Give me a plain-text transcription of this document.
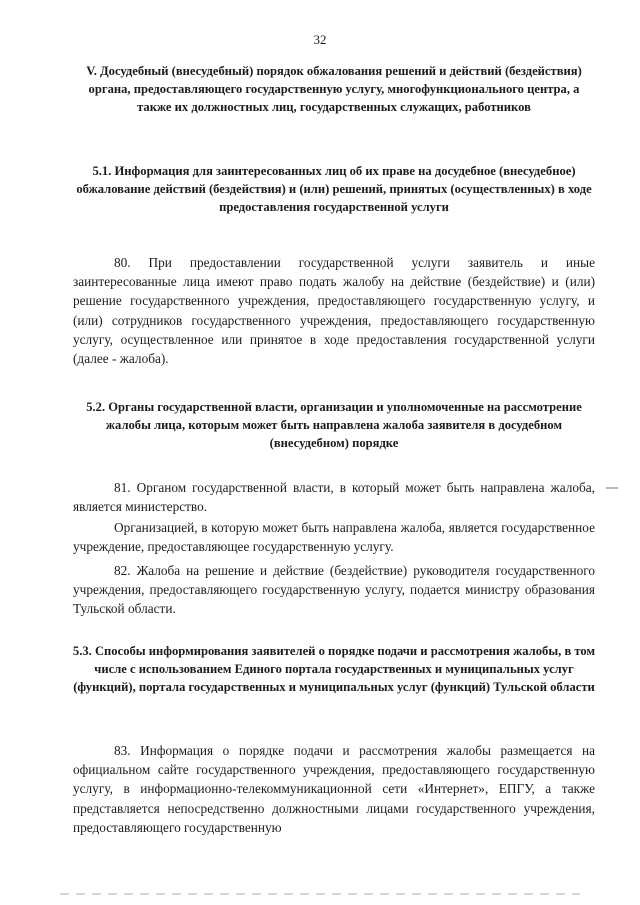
32
V. Досудебный (внесудебный) порядок обжалования решений и действий (бездействия) органа, предоставляющего государственную услугу, многофункционального центра, а также их должностных лиц, государственных служащих, работников
5.1. Информация для заинтересованных лиц об их праве на досудебное (внесудебное) обжалование действий (бездействия) и (или) решений, принятых (осуществленных) в ходе предоставления государственной услуги

80. При предоставлении государственной услуги заявитель и иные заинтересованные лица имеют право подать жалобу на действие (бездействие) и (или) решение государственного учреждения, предоставляющего государственную услугу, и (или) сотрудников государственного учреждения, предоставляющего государственную услугу, осуществленное или принятое в ходе предоставления государственной услуги (далее - жалоба).

5.2. Органы государственной власти, организации и уполномоченные на рассмотрение жалобы лица, которым может быть направлена жалоба заявителя в досудебном (внесудебном) порядке

81. Органом государственной власти, в который может быть направлена жалоба, является министерство.

Организацией, в которую может быть направлена жалоба, является государственное учреждение, предоставляющее государственную услугу.

82. Жалоба на решение и действие (бездействие) руководителя государственного учреждения, предоставляющего государственную услугу, подается министру образования Тульской области.

5.3. Способы информирования заявителей о порядке подачи и рассмотрения жалобы, в том числе с использованием Единого портала государственных и муниципальных услуг (функций), портала государственных и муниципальных услуг (функций) Тульской области

83. Информация о порядке подачи и рассмотрения жалобы размещается на официальном сайте государственного учреждения, предоставляющего государственную услугу, в информационно-телекоммуникационной сети «Интернет», ЕПГУ, а также представляется непосредственно должностными лицами государственного учреждения, предоставляющего государственную
